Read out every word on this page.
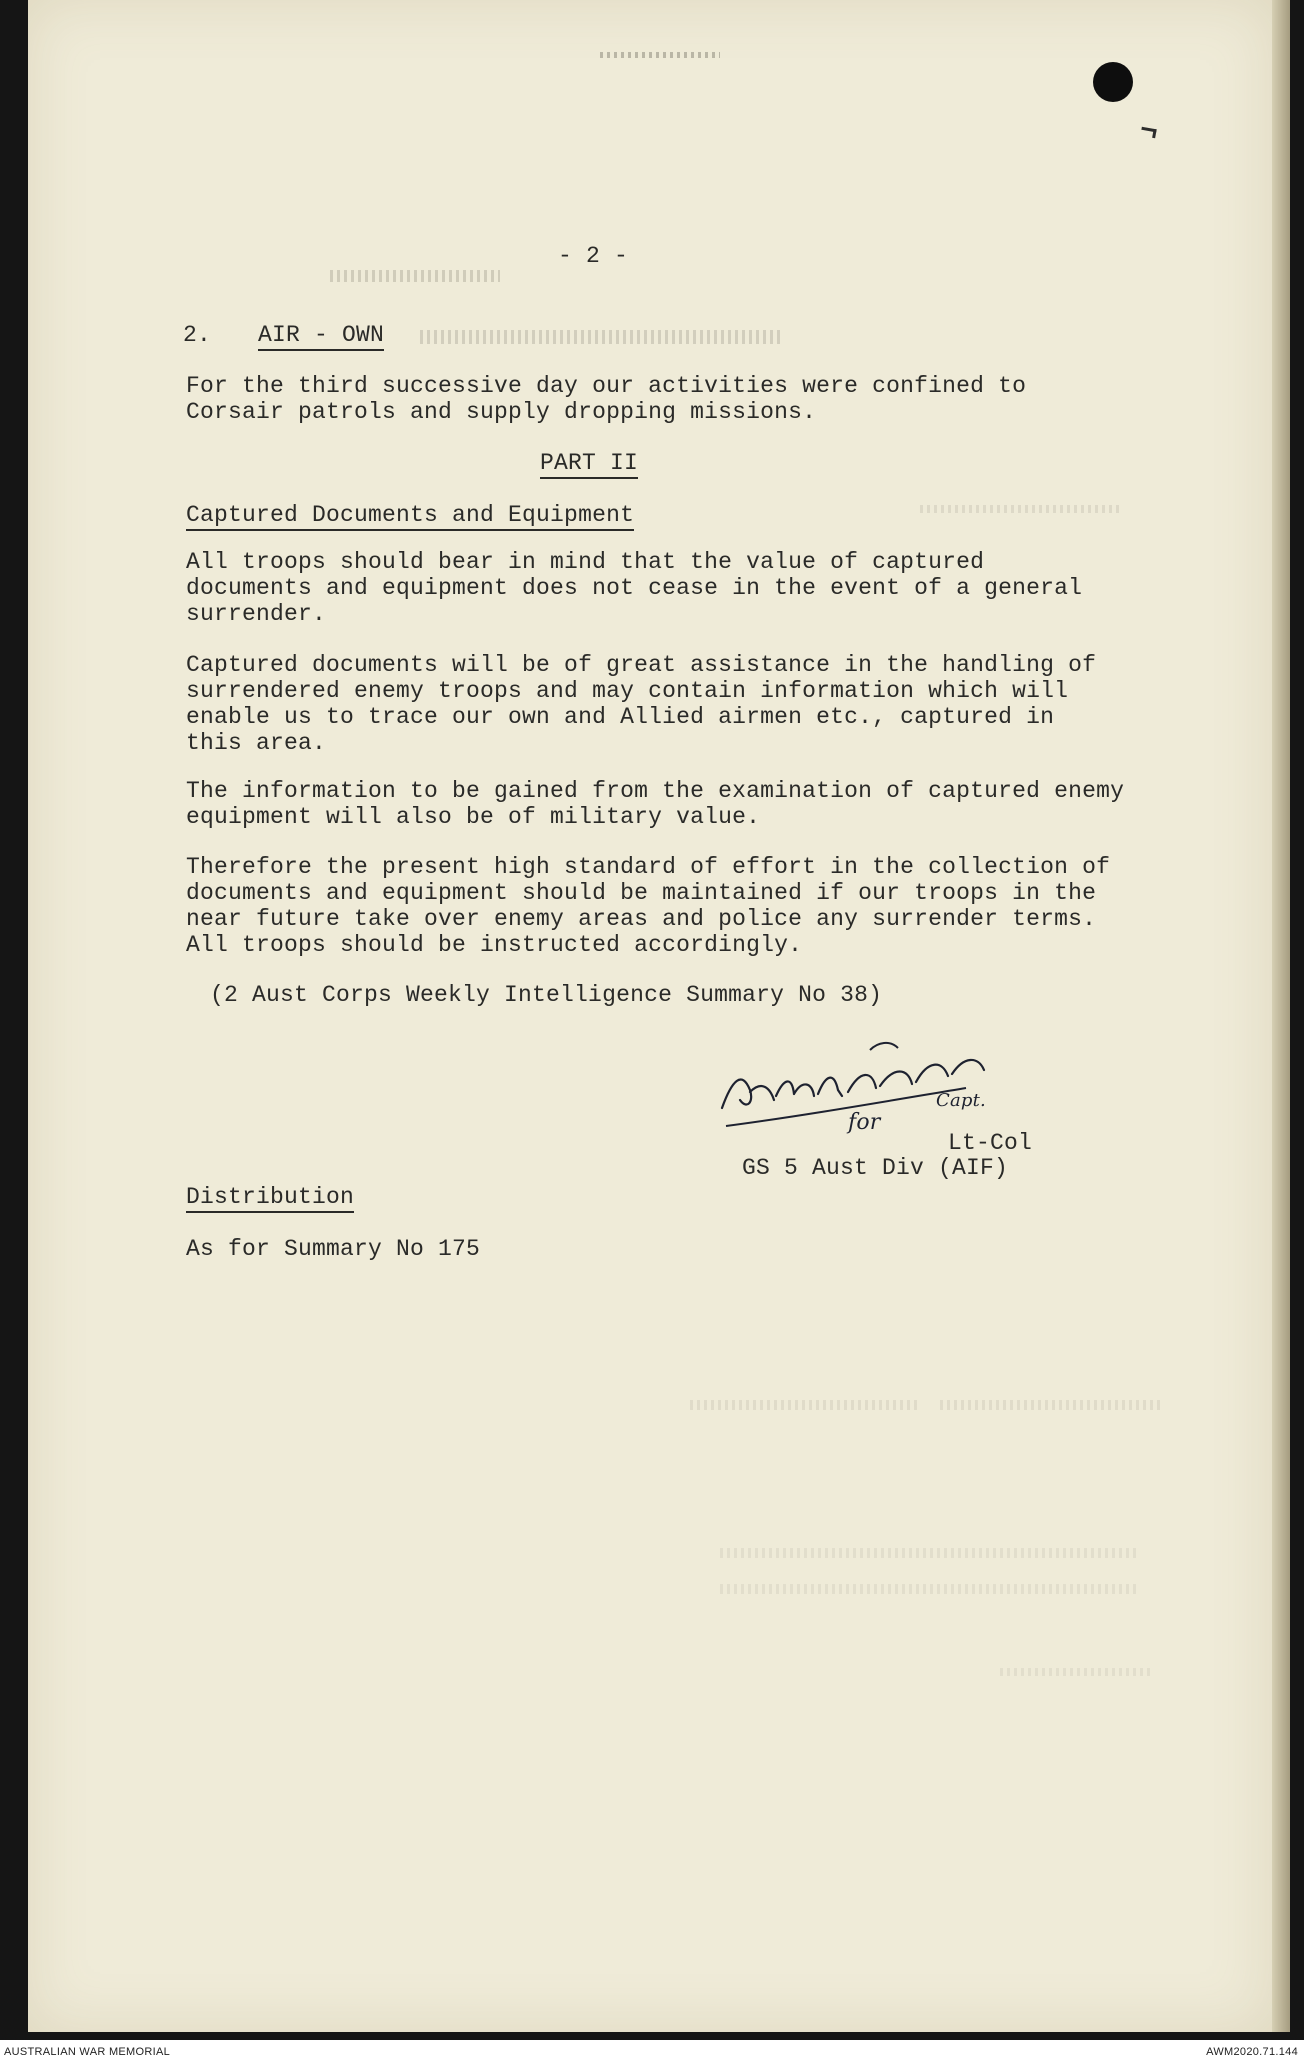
- 2 -
2. AIR - OWN
For the third successive day our activities were confined to
Corsair patrols and supply dropping missions.
PART II
Captured Documents and Equipment
All troops should bear in mind that the value of captured
documents and equipment does not cease in the event of a general
surrender.
Captured documents will be of great assistance in the handling of
surrendered enemy troops and may contain information which will
enable us to trace our own and Allied airmen etc., captured in
this area.
The information to be gained from the examination of captured enemy
equipment will also be of military value.
Therefore the present high standard of effort in the collection of
documents and equipment should be maintained if our troops in the
near future take over enemy areas and police any surrender terms.
All troops should be instructed accordingly.
(2 Aust Corps Weekly Intelligence Summary No 38)
Capt.
for
Lt-Col
GS 5 Aust Div (AIF)
Distribution
As for Summary No 175
AUSTRALIAN WAR MEMORIAL	AWM2020.71.144
